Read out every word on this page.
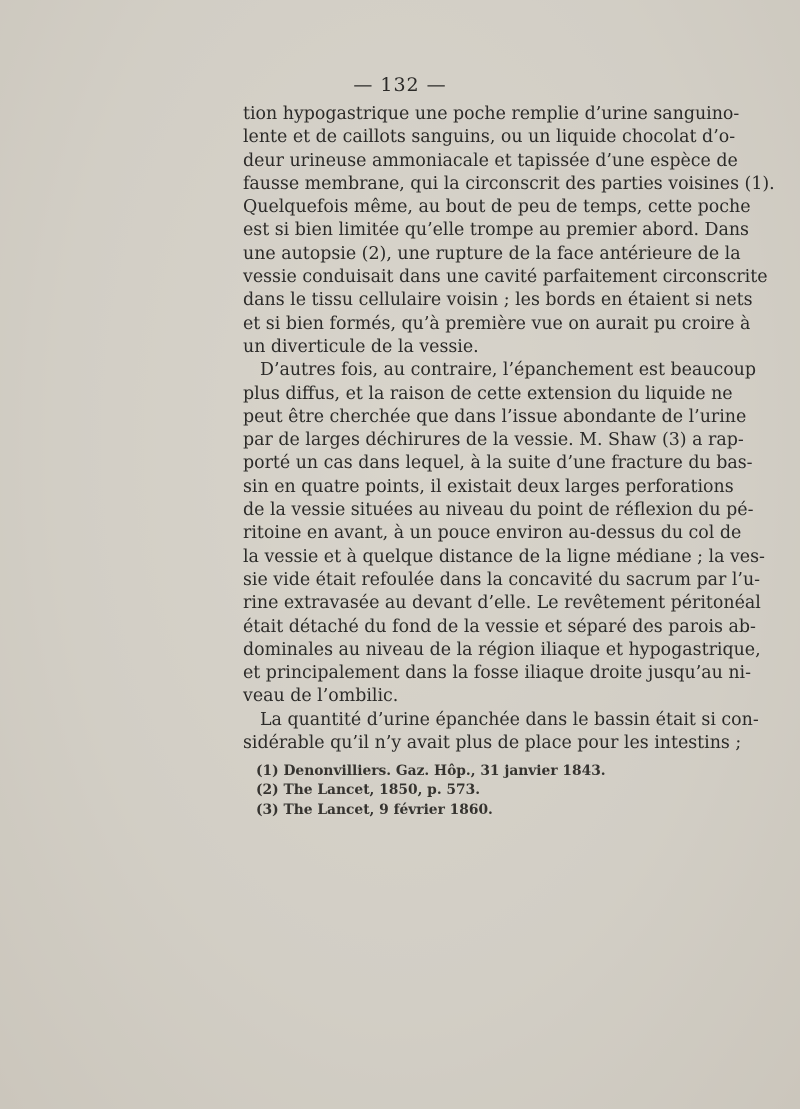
— 132 —
tion hypogastrique une poche remplie d’urine sanguino-
lente et de caillots sanguins, ou un liquide chocolat d’o-
deur urineuse ammoniacale et tapissée d’une espèce de
fausse membrane, qui la circonscrit des parties voisines (1).
Quelquefois même, au bout de peu de temps, cette poche
est si bien limitée qu’elle trompe au premier abord. Dans
une autopsie (2), une rupture de la face antérieure de la
vessie conduisait dans une cavité parfaitement circonscrite
dans le tissu cellulaire voisin ; les bords en étaient si nets
et si bien formés, qu’à première vue on aurait pu croire à
un diverticule de la vessie.
D’autres fois, au contraire, l’épanchement est beaucoup
plus diffus, et la raison de cette extension du liquide ne
peut être cherchée que dans l’issue abondante de l’urine
par de larges déchirures de la vessie. M. Shaw (3) a rap-
porté un cas dans lequel, à la suite d’une fracture du bas-
sin en quatre points, il existait deux larges perforations
de la vessie situées au niveau du point de réflexion du pé-
ritoine en avant, à un pouce environ au-dessus du col de
la vessie et à quelque distance de la ligne médiane ; la ves-
sie vide était refoulée dans la concavité du sacrum par l’u-
rine extravasée au devant d’elle. Le revêtement péritonéal
était détaché du fond de la vessie et séparé des parois ab-
dominales au niveau de la région iliaque et hypogastrique,
et principalement dans la fosse iliaque droite jusqu’au ni-
veau de l’ombilic.
La quantité d’urine épanchée dans le bassin était si con-
sidérable qu’il n’y avait plus de place pour les intestins ;
(1) Denonvilliers. Gaz. Hôp., 31 janvier 1843.
(2) The Lancet, 1850, p. 573.
(3) The Lancet, 9 février 1860.
